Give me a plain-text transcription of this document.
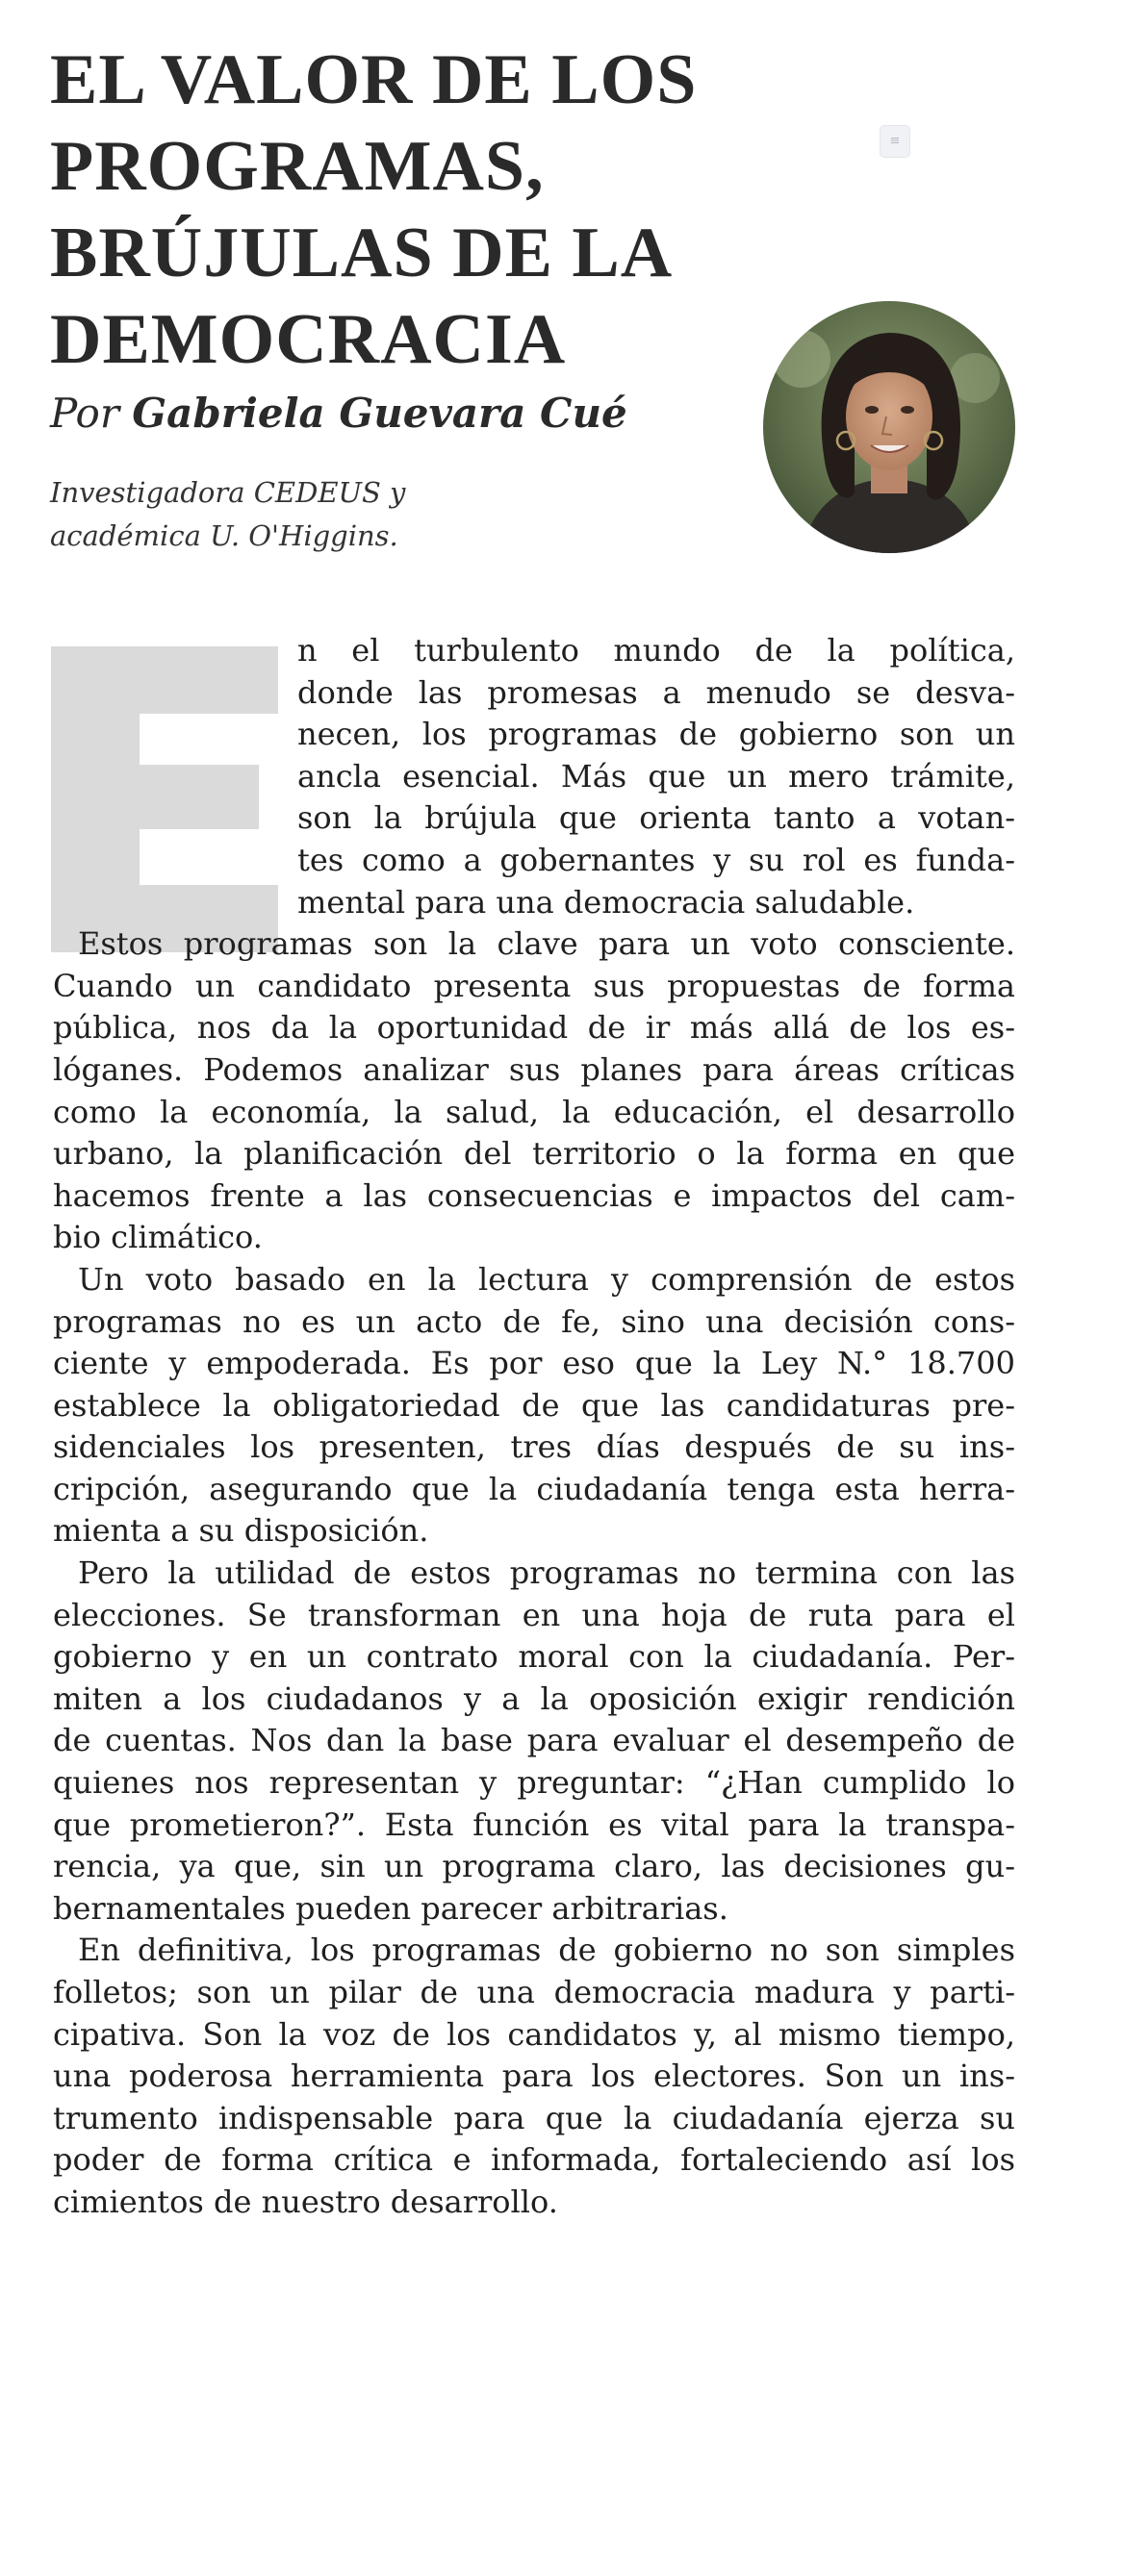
EL VALOR DE LOS
PROGRAMAS,
BRÚJULAS DE LA
DEMOCRACIA
≡
Por Gabriela Guevara Cué
Investigadora CEDEUS y
académica U. O'Higgins.

n el turbulento mundo de la política,
donde las promesas a menudo se desva-
necen, los programas de gobierno son un
ancla esencial. Más que un mero trámite,
son la brújula que orienta tanto a votan-
tes como a gobernantes y su rol es funda-
mental para una democracia saludable.

Estos programas son la clave para un voto consciente.
Cuando un candidato presenta sus propuestas de forma
pública, nos da la oportunidad de ir más allá de los es-
lóganes. Podemos analizar sus planes para áreas críticas
como la economía, la salud, la educación, el desarrollo
urbano, la planificación del territorio o la forma en que
hacemos frente a las consecuencias e impactos del cam-
bio climático.

Un voto basado en la lectura y comprensión de estos
programas no es un acto de fe, sino una decisión cons-
ciente y empoderada. Es por eso que la Ley N.° 18.700
establece la obligatoriedad de que las candidaturas pre-
sidenciales los presenten, tres días después de su ins-
cripción, asegurando que la ciudadanía tenga esta herra-
mienta a su disposición.

Pero la utilidad de estos programas no termina con las
elecciones. Se transforman en una hoja de ruta para el
gobierno y en un contrato moral con la ciudadanía. Per-
miten a los ciudadanos y a la oposición exigir rendición
de cuentas. Nos dan la base para evaluar el desempeño de
quienes nos representan y preguntar: “¿Han cumplido lo
que prometieron?”. Esta función es vital para la transpa-
rencia, ya que, sin un programa claro, las decisiones gu-
bernamentales pueden parecer arbitrarias.

En definitiva, los programas de gobierno no son simples
folletos; son un pilar de una democracia madura y parti-
cipativa. Son la voz de los candidatos y, al mismo tiempo,
una poderosa herramienta para los electores. Son un ins-
trumento indispensable para que la ciudadanía ejerza su
poder de forma crítica e informada, fortaleciendo así los
cimientos de nuestro desarrollo.
